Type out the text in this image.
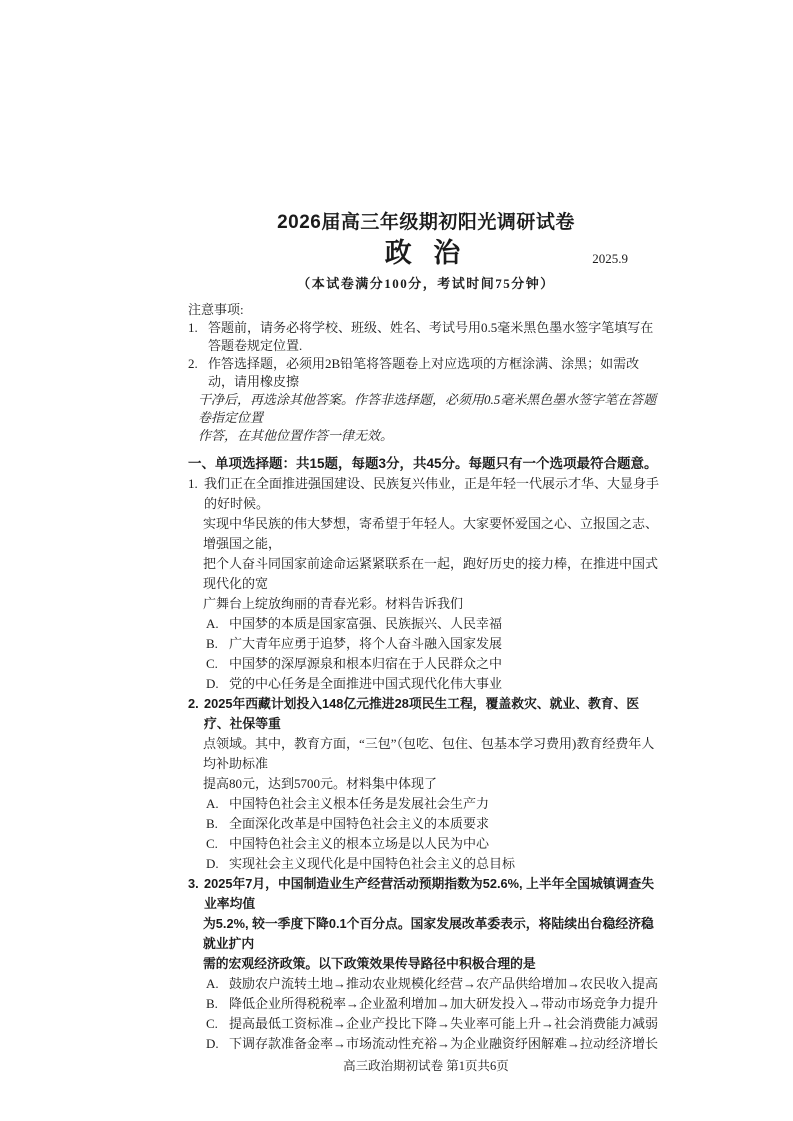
2026届高三年级期初阳光调研试卷
政 治	2025.9
（本试卷满分100分，考试时间75分钟）
注意事项:
1. 答题前，请务必将学校、班级、姓名、考试号用0.5毫米黑色墨水签字笔填写在答题卷规定位置.
2. 作答选择题，必须用2B铅笔将答题卷上对应选项的方框涂满、涂黑；如需改动，请用橡皮擦
干净后，再选涂其他答案。作答非选择题，必须用0.5毫米黑色墨水签字笔在答题卷指定位置
作答，在其他位置作答一律无效。
一、单项选择题：共15题，每题3分，共45分。每题只有一个选项最符合题意。
1. 我们正在全面推进强国建设、民族复兴伟业，正是年轻一代展示才华、大显身手的好时候。
实现中华民族的伟大梦想，寄希望于年轻人。大家要怀爱国之心、立报国之志、增强国之能，
把个人奋斗同国家前途命运紧紧联系在一起，跑好历史的接力棒，在推进中国式现代化的宽
广舞台上绽放绚丽的青春光彩。材料告诉我们
A. 中国梦的本质是国家富强、民族振兴、人民幸福
B. 广大青年应勇于追梦，将个人奋斗融入国家发展
C. 中国梦的深厚源泉和根本归宿在于人民群众之中
D. 党的中心任务是全面推进中国式现代化伟大事业
2. 2025年西藏计划投入148亿元推进28项民生工程，覆盖救灾、就业、教育、医疗、社保等重
点领域。其中，教育方面，“三包”（包吃、包住、包基本学习费用)教育经费年人均补助标准
提高80元，达到5700元。材料集中体现了
A. 中国特色社会主义根本任务是发展社会生产力
B. 全面深化改革是中国特色社会主义的本质要求
C. 中国特色社会主义的根本立场是以人民为中心
D. 实现社会主义现代化是中国特色社会主义的总目标
3. 2025年7月，中国制造业生产经营活动预期指数为52.6%, 上半年全国城镇调查失业率均值
为5.2%, 较一季度下降0.1个百分点。国家发展改革委表示，将陆续出台稳经济稳就业扩内
需的宏观经济政策。以下政策效果传导路径中积极合理的是
A. 鼓励农户流转土地→推动农业规模化经营→农产品供给增加→农民收入提高
B. 降低企业所得税税率→企业盈利增加→加大研发投入→带动市场竞争力提升
C. 提高最低工资标准→企业产投比下降→失业率可能上升→社会消费能力减弱
D. 下调存款准备金率→市场流动性充裕→为企业融资纾困解难→拉动经济增长
高三政治期初试卷 第1页共6页
